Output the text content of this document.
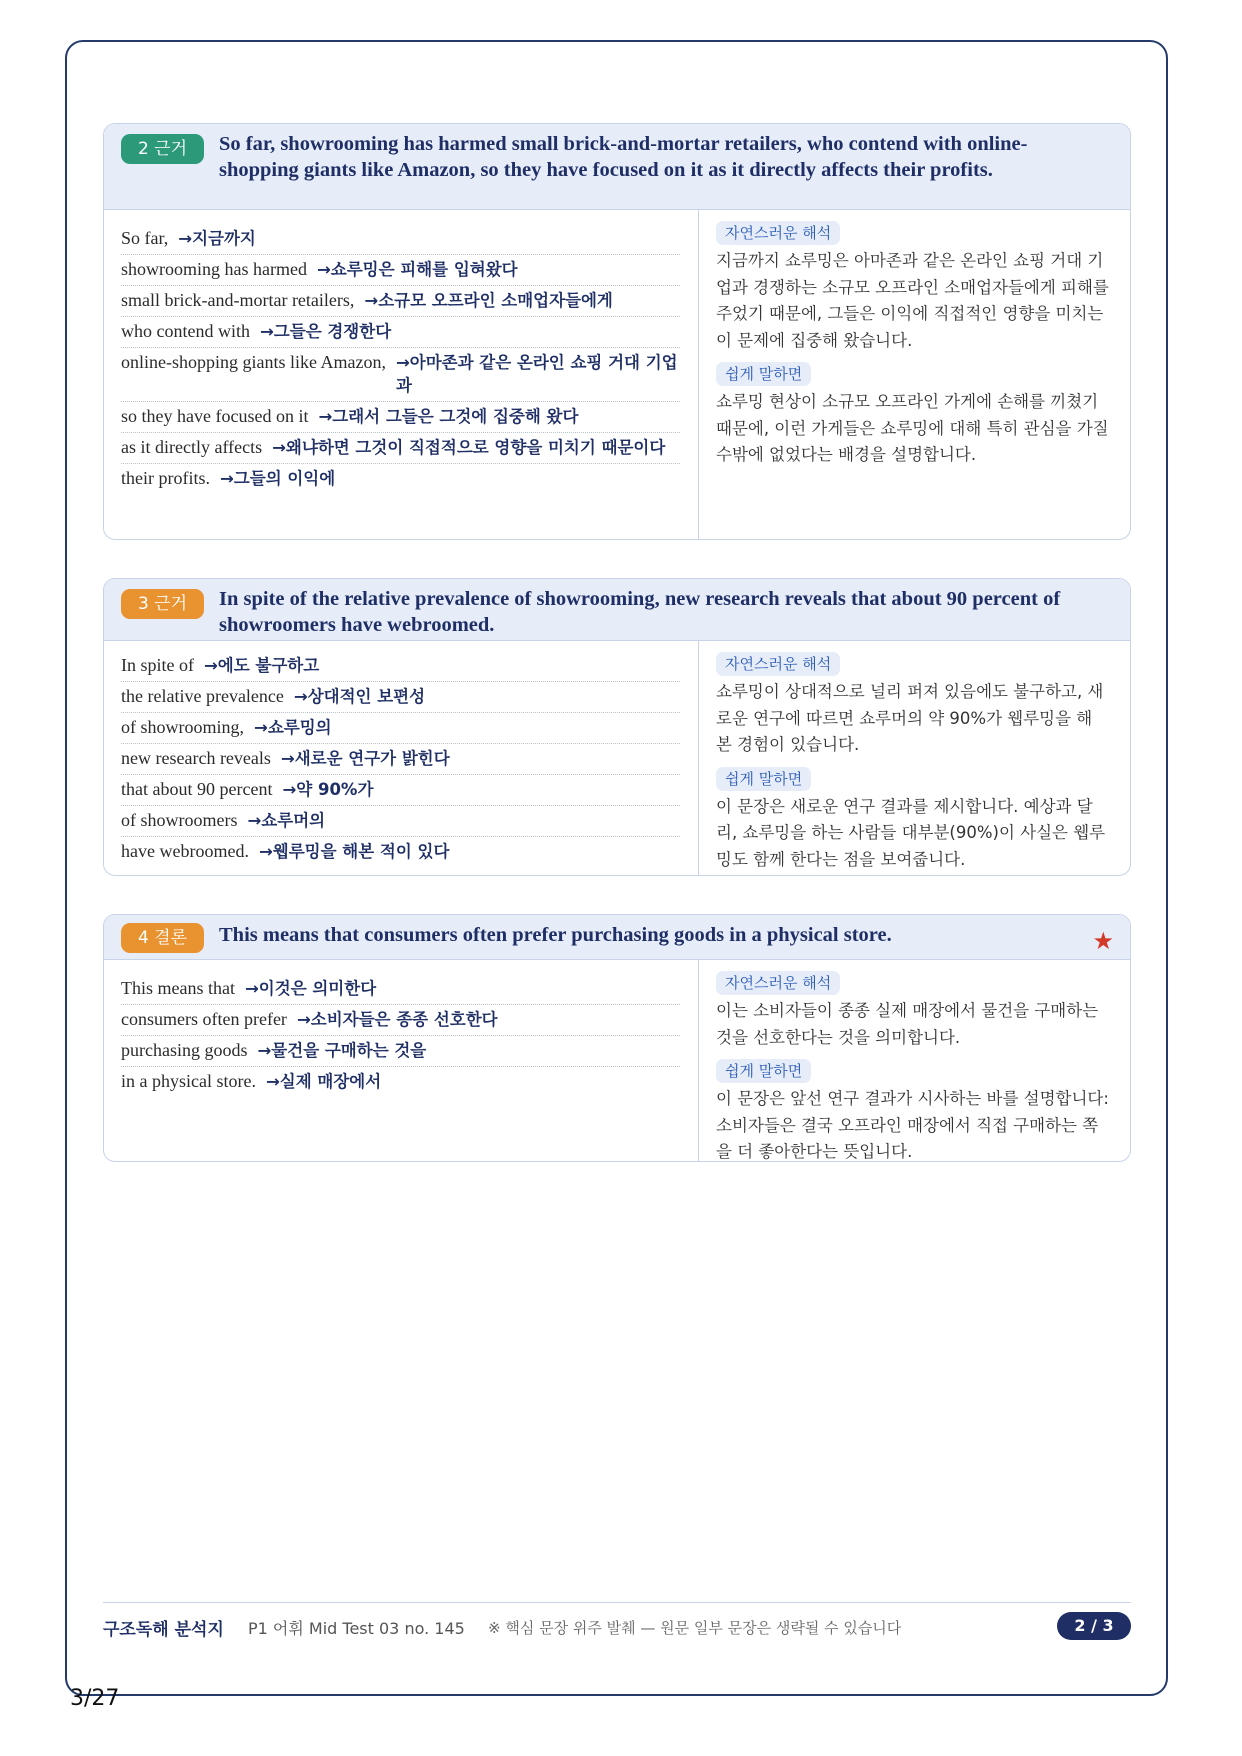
2 근거	So far, showrooming has harmed small brick-and-mortar retailers, who contend with online-shopping giants like Amazon, so they have focused on it as it directly affects their profits.
So far, →지금까지
showrooming has harmed →쇼루밍은 피해를 입혀왔다
small brick-and-mortar retailers, →소규모 오프라인 소매업자들에게
who contend with →그들은 경쟁한다
online-shopping giants like Amazon, →아마존과 같은 온라인 쇼핑 거대 기업과
so they have focused on it →그래서 그들은 그것에 집중해 왔다
as it directly affects →왜냐하면 그것이 직접적으로 영향을 미치기 때문이다
their profits. →그들의 이익에
자연스러운 해석

지금까지 쇼루밍은 아마존과 같은 온라인 쇼핑 거대 기업과 경쟁하는 소규모 오프라인 소매업자들에게 피해를 주었기 때문에, 그들은 이익에 직접적인 영향을 미치는 이 문제에 집중해 왔습니다.

쉽게 말하면

쇼루밍 현상이 소규모 오프라인 가게에 손해를 끼쳤기 때문에, 이런 가게들은 쇼루밍에 대해 특히 관심을 가질 수밖에 없었다는 배경을 설명합니다.

3 근거	In spite of the relative prevalence of showrooming, new research reveals that about 90 percent of showroomers have webroomed.
In spite of →에도 불구하고
the relative prevalence →상대적인 보편성
of showrooming, →쇼루밍의
new research reveals →새로운 연구가 밝힌다
that about 90 percent →약 90%가
of showroomers →쇼루머의
have webroomed. →웹루밍을 해본 적이 있다
자연스러운 해석

쇼루밍이 상대적으로 널리 퍼져 있음에도 불구하고, 새로운 연구에 따르면 쇼루머의 약 90%가 웹루밍을 해 본 경험이 있습니다.

쉽게 말하면

이 문장은 새로운 연구 결과를 제시합니다. 예상과 달리, 쇼루밍을 하는 사람들 대부분(90%)이 사실은 웹루밍도 함께 한다는 점을 보여줍니다.

4 결론	This means that consumers often prefer purchasing goods in a physical store.	★
This means that →이것은 의미한다
consumers often prefer →소비자들은 종종 선호한다
purchasing goods →물건을 구매하는 것을
in a physical store. →실제 매장에서
자연스러운 해석

이는 소비자들이 종종 실제 매장에서 물건을 구매하는 것을 선호한다는 것을 의미합니다.

쉽게 말하면

이 문장은 앞선 연구 결과가 시사하는 바를 설명합니다: 소비자들은 결국 오프라인 매장에서 직접 구매하는 쪽을 더 좋아한다는 뜻입니다.

구조독해 분석지 P1 어휘 Mid Test 03 no. 145 ※ 핵심 문장 위주 발췌 — 원문 일부 문장은 생략될 수 있습니다	2 / 3
3/27
